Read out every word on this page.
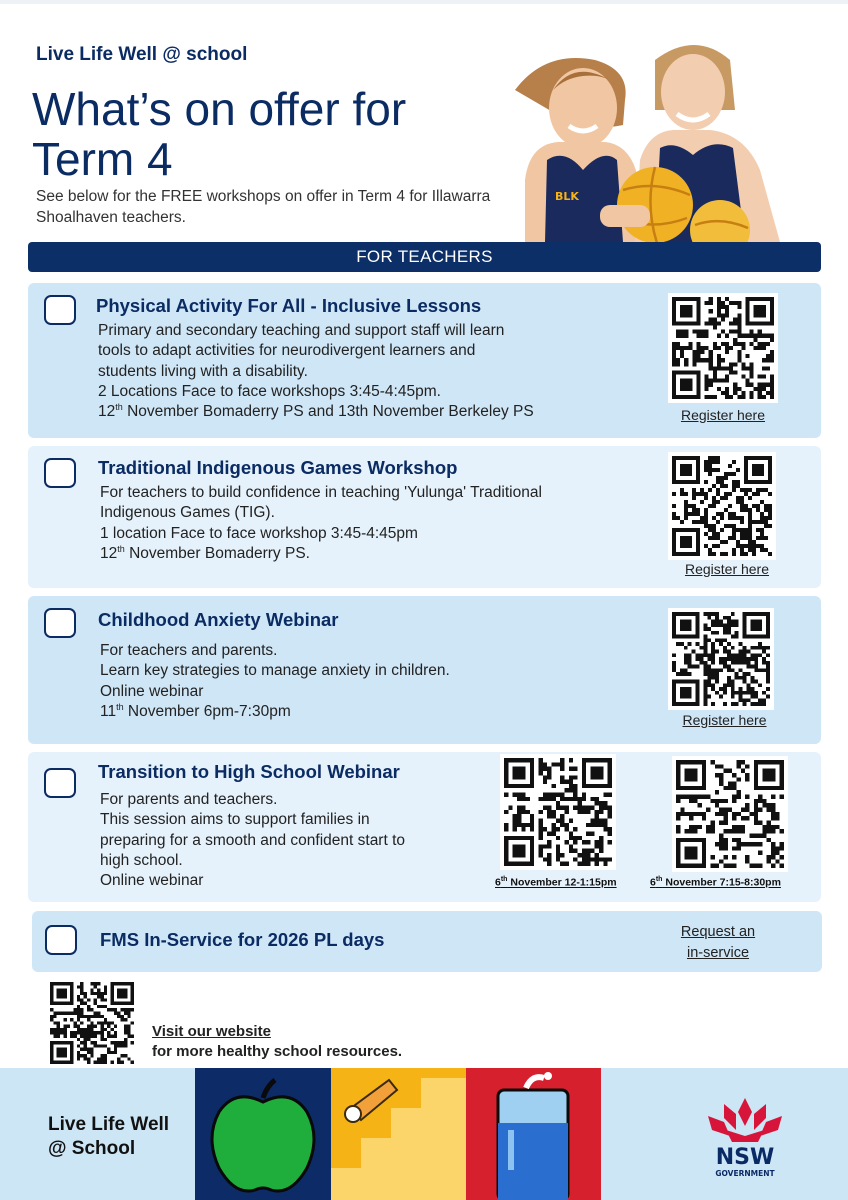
Live Life Well @ school
What’s on offer for Term 4

See below for the FREE workshops on offer in Term 4 for Illawarra Shoalhaven teachers.

BLK
FOR TEACHERS
Physical Activity For All - Inclusive Lessons
Primary and secondary teaching and support staff will learn
tools to adapt activities for neurodivergent learners and
students living with a disability.
2 Locations Face to face workshops 3:45-4:45pm.
12th November Bomaderry PS and 13th November Berkeley PS	Register here
Traditional Indigenous Games Workshop
For teachers to build confidence in teaching 'Yulunga' Traditional
Indigenous Games (TIG).
1 location Face to face workshop 3:45-4:45pm
12th November Bomaderry PS.
Register here
Childhood Anxiety Webinar
For teachers and parents.
Learn key strategies to manage anxiety in children.
Online webinar
11th November 6pm-7:30pm
Register here
Transition to High School Webinar
For parents and teachers.
This session aims to support families in
preparing for a smooth and confident start to
high school.
Online webinar	6th November 12-1:15pm	6th November 7:15-8:30pm
FMS In-Service for 2026 PL days	Request an
in-service
Visit our website
for more healthy school resources.
Live Life Well
@ School	NSW
GOVERNMENT
